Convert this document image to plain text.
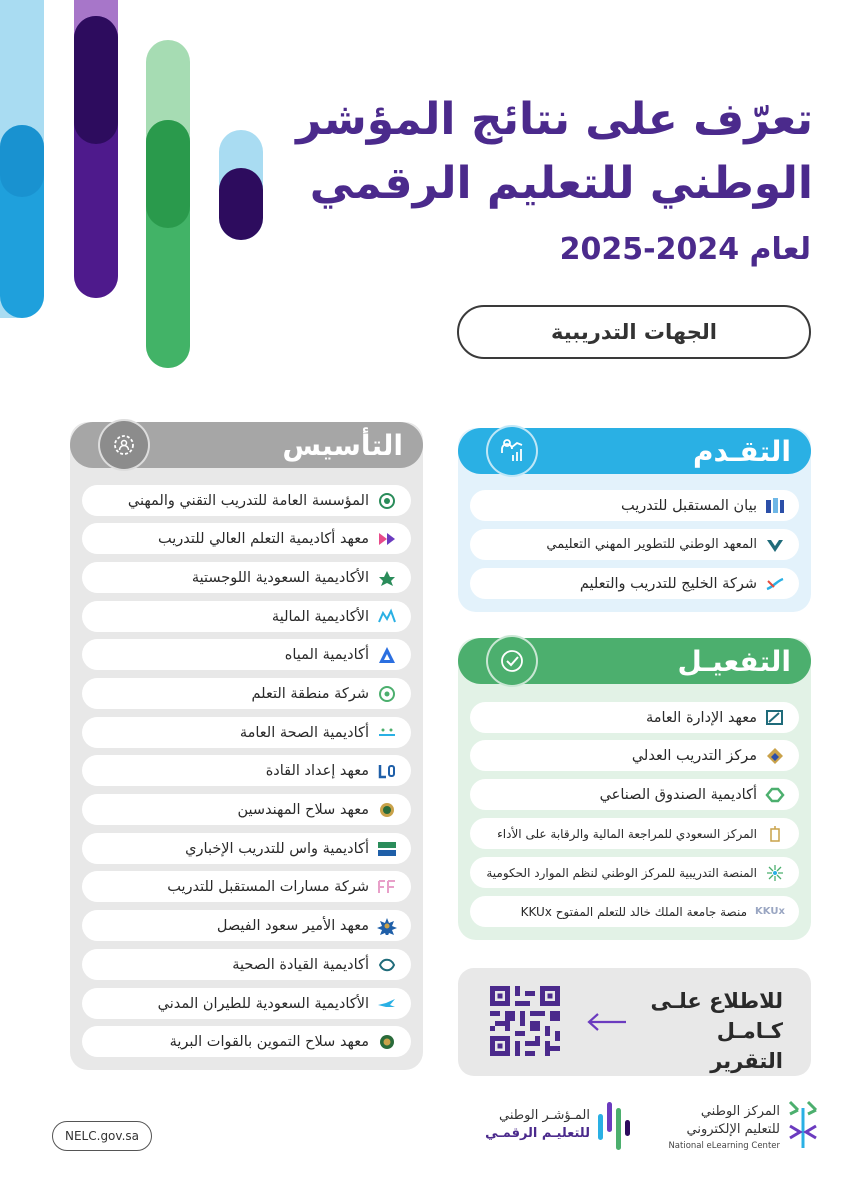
تعرّف على نتائج المؤشر
الوطني للتعليم الرقمي
لعام 2024-2025
الجهات التدريبية
التقـدم
بيان المستقبل للتدريب
المعهد الوطني للتطوير المهني التعليمي
شركة الخليج للتدريب والتعليم
التفعيـل
معهد الإدارة العامة
مركز التدريب العدلي
أكاديمية الصندوق الصناعي
المركز السعودي للمراجعة المالية والرقابة على الأداء
المنصة التدريبية للمركز الوطني لنظم الموارد الحكومية
KKUx
منصة جامعة الملك خالد للتعلم المفتوح KKUx
التأسيس
المؤسسة العامة للتدريب التقني والمهني
معهد أكاديمية التعلم العالي للتدريب
الأكاديمية السعودية اللوجستية
الأكاديمية المالية
أكاديمية المياه
شركة منطقة التعلم
أكاديمية الصحة العامة
معهد إعداد القادة
معهد سلاح المهندسين
أكاديمية واس للتدريب الإخباري
شركة مسارات المستقبل للتدريب
معهد الأمير سعود الفيصل
أكاديمية القيادة الصحية
الأكاديمية السعودية للطيران المدني
معهد سلاح التموين بالقوات البرية
للاطلاع علـى
كـامـل التقرير
NELC.gov.sa
المـؤشـر الوطني
للتعليـم الرقمـي
المركز الوطني
للتعليم الإلكتروني
National eLearning Center
